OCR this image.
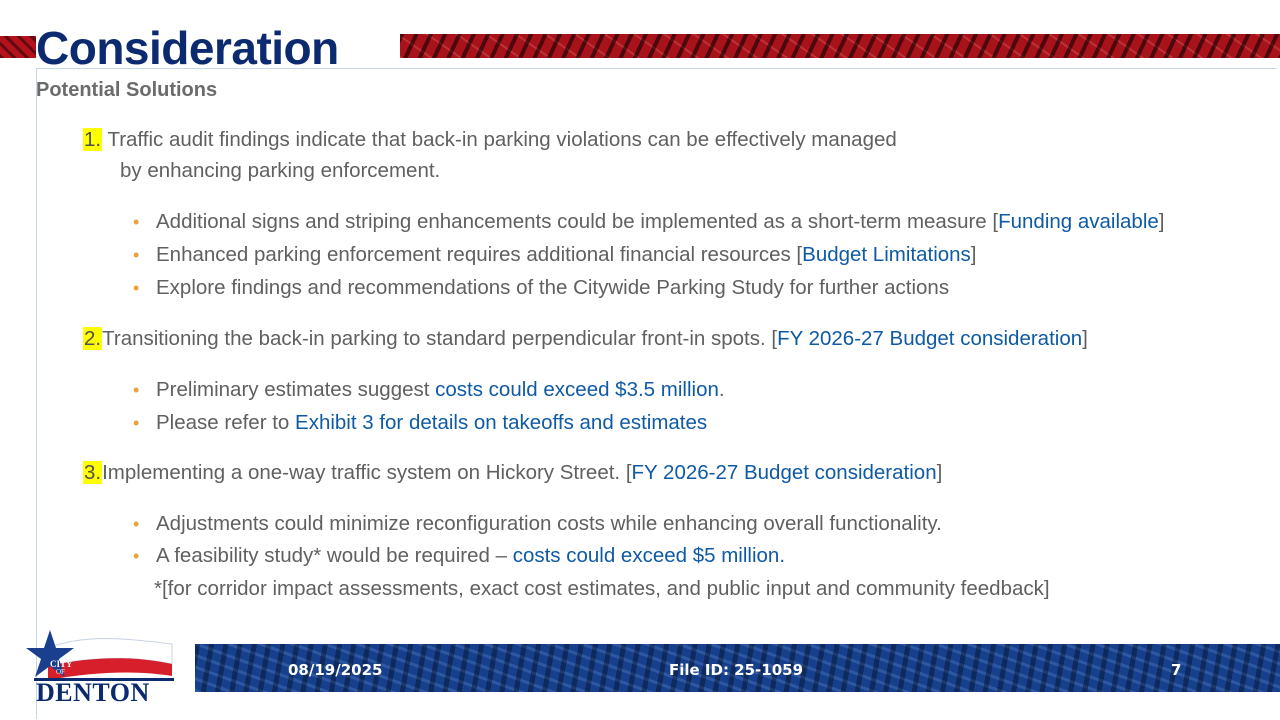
Consideration
Potential Solutions
1. Traffic audit findings indicate that back-in parking violations can be effectively managed
by enhancing parking enforcement.
• Additional signs and striping enhancements could be implemented as a short-term measure [Funding available]
• Enhanced parking enforcement requires additional financial resources [Budget Limitations]
• Explore findings and recommendations of the Citywide Parking Study for further actions
2.Transitioning the back-in parking to standard perpendicular front-in spots. [FY 2026-27 Budget consideration]
• Preliminary estimates suggest costs could exceed $3.5 million.
• Please refer to Exhibit 3 for details on takeoffs and estimates
3.Implementing a one-way traffic system on Hickory Street. [FY 2026-27 Budget consideration]
• Adjustments could minimize reconfiguration costs while enhancing overall functionality.
• A feasibility study* would be required – costs could exceed $5 million.
*[for corridor impact assessments, exact cost estimates, and public input and community feedback]
08/19/2025	File ID: 25-1059	7
CITY
OF
DENTON
